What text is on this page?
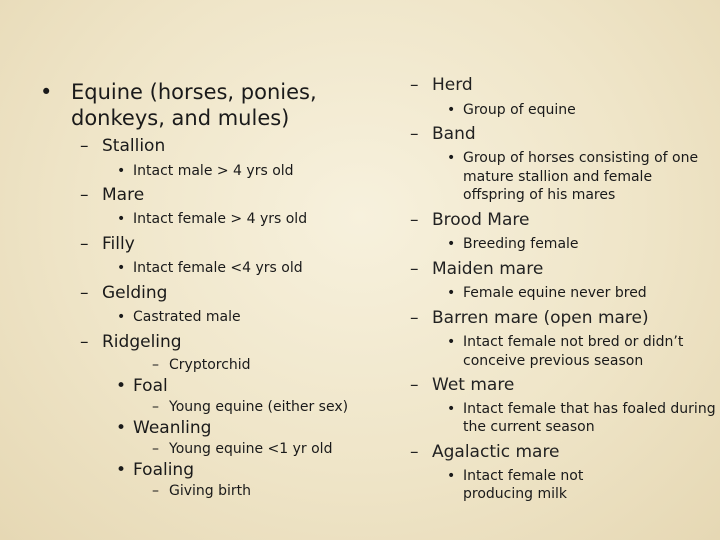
• Equine (horses, ponies,
donkeys, and mules)
– Stallion
• Intact male > 4 yrs old
– Mare
• Intact female > 4 yrs old
– Filly
• Intact female <4 yrs old
– Gelding
• Castrated male
– Ridgeling
– Cryptorchid
• Foal
– Young equine (either sex)
• Weanling
– Young equine <1 yr old
• Foaling
– Giving birth
– Herd
• Group of equine
– Band
• Group of horses consisting of one
mature stallion and female
offspring of his mares
– Brood Mare
• Breeding female
– Maiden mare
• Female equine never bred
– Barren mare (open mare)
• Intact female not bred or didn’t
conceive previous season
– Wet mare
• Intact female that has foaled during
the current season
– Agalactic mare
• Intact female not
producing milk
